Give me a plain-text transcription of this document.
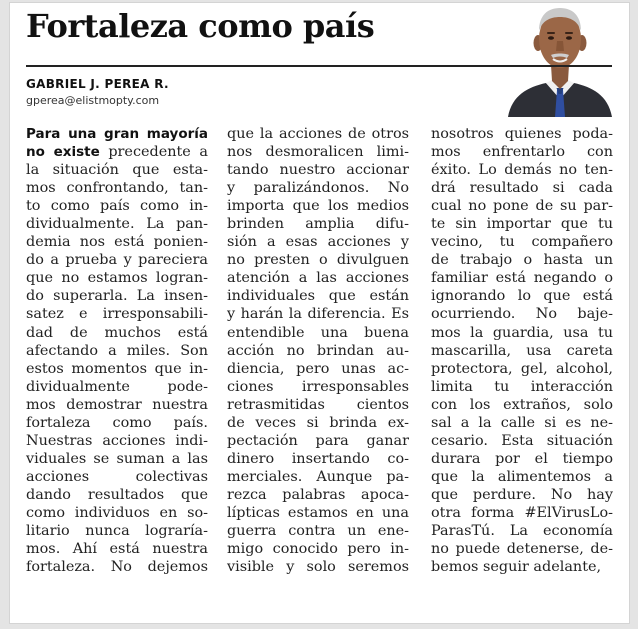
Fortaleza como país
GABRIEL J. PEREA R.
gperea@elistmopty.com
Para una gran mayoría
no existe precedente a
la situación que esta-
mos confrontando, tan-
to como país como in-
dividualmente. La pan-
demia nos está ponien-
do a prueba y pareciera
que no estamos logran-
do superarla. La insen-
satez e irresponsabili-
dad de muchos está
afectando a miles. Son
estos momentos que in-
dividualmente pode-
mos demostrar nuestra
fortaleza como país.
Nuestras acciones indi-
viduales se suman a las
acciones colectivas
dando resultados que
como individuos en so-
litario nunca lograría-
mos. Ahí está nuestra
fortaleza. No dejemos
que la acciones de otros
nos desmoralicen limi-
tando nuestro accionar
y paralizándonos. No
importa que los medios
brinden amplia difu-
sión a esas acciones y
no presten o divulguen
atención a las acciones
individuales que están
y harán la diferencia. Es
entendible una buena
acción no brindan au-
diencia, pero unas ac-
ciones irresponsables
retrasmitidas cientos
de veces si brinda ex-
pectación para ganar
dinero insertando co-
merciales. Aunque pa-
rezca palabras apoca-
lípticas estamos en una
guerra contra un ene-
migo conocido pero in-
visible y solo seremos
nosotros quienes poda-
mos enfrentarlo con
éxito. Lo demás no ten-
drá resultado si cada
cual no pone de su par-
te sin importar que tu
vecino, tu compañero
de trabajo o hasta un
familiar está negando o
ignorando lo que está
ocurriendo. No baje-
mos la guardia, usa tu
mascarilla, usa careta
protectora, gel, alcohol,
limita tu interacción
con los extraños, solo
sal a la calle si es ne-
cesario. Esta situación
durara por el tiempo
que la alimentemos a
que perdure. No hay
otra forma #ElVirusLo-
ParasTú. La economía
no puede detenerse, de-
bemos seguir adelante,
